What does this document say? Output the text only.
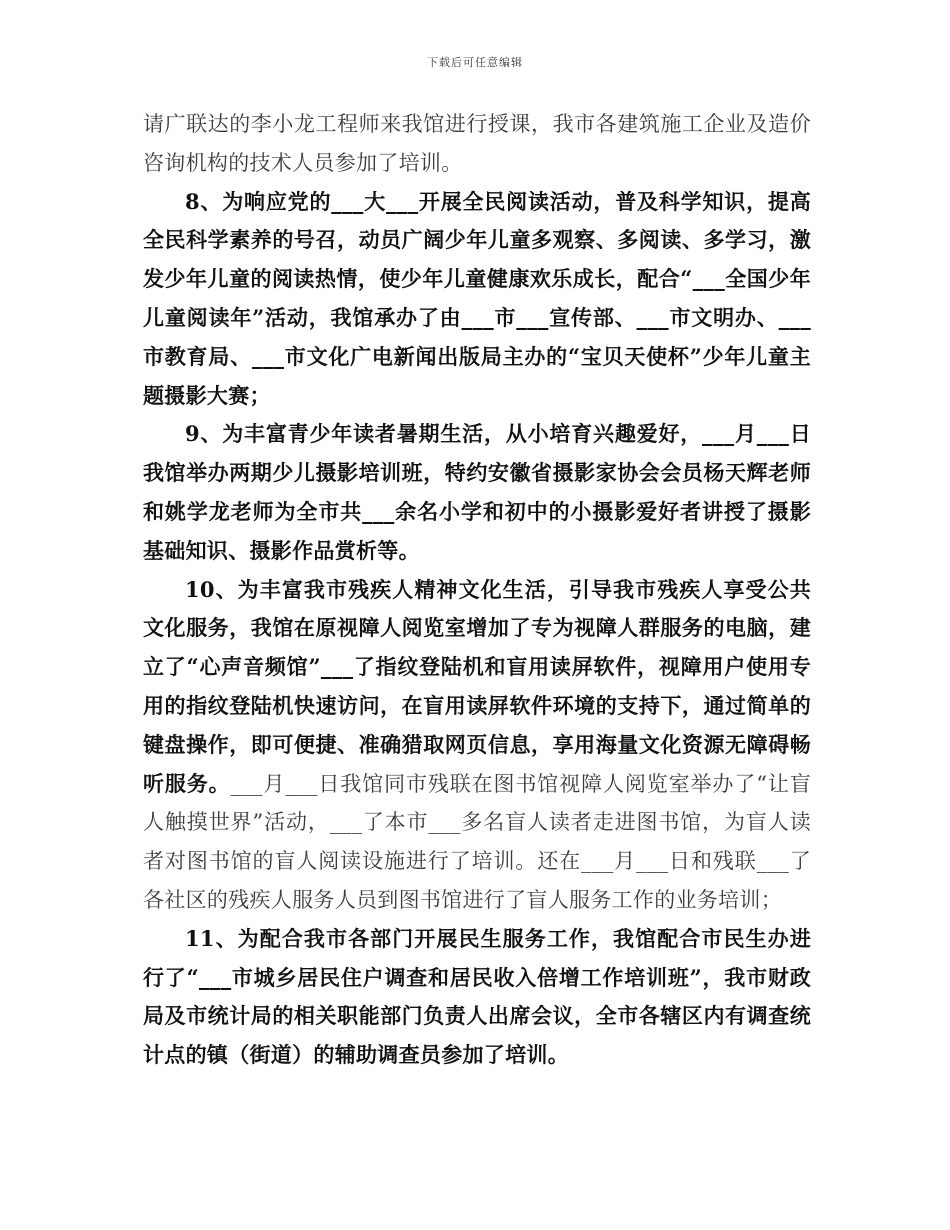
下载后可任意编辑

请广联达的李小龙工程师来我馆进行授课，我市各建筑施工企业及造价咨询机构的技术人员参加了培训。

8、为响应党的___大___开展全民阅读活动，普及科学知识，提高全民科学素养的号召，动员广阔少年儿童多观察、多阅读、多学习，激发少年儿童的阅读热情，使少年儿童健康欢乐成长，配合“___全国少年儿童阅读年”活动，我馆承办了由___市___宣传部、___市文明办、___市教育局、___市文化广电新闻出版局主办的“宝贝天使杯”少年儿童主题摄影大赛；

9、为丰富青少年读者暑期生活，从小培育兴趣爱好，___月___日我馆举办两期少儿摄影培训班，特约安徽省摄影家协会会员杨天辉老师和姚学龙老师为全市共___余名小学和初中的小摄影爱好者讲授了摄影基础知识、摄影作品赏析等。

10、为丰富我市残疾人精神文化生活，引导我市残疾人享受公共文化服务，我馆在原视障人阅览室增加了专为视障人群服务的电脑，建立了“心声音频馆”___了指纹登陆机和盲用读屏软件，视障用户使用专用的指纹登陆机快速访问，在盲用读屏软件环境的支持下，通过简单的键盘操作，即可便捷、准确猎取网页信息，享用海量文化资源无障碍畅听服务。___月___日我馆同市残联在图书馆视障人阅览室举办了“让盲人触摸世界”活动，___了本市___多名盲人读者走进图书馆，为盲人读者对图书馆的盲人阅读设施进行了培训。还在___月___日和残联___了各社区的残疾人服务人员到图书馆进行了盲人服务工作的业务培训；

11、为配合我市各部门开展民生服务工作，我馆配合市民生办进行了“___市城乡居民住户调查和居民收入倍增工作培训班”，我市财政局及市统计局的相关职能部门负责人出席会议，全市各辖区内有调查统计点的镇（街道）的辅助调查员参加了培训。
